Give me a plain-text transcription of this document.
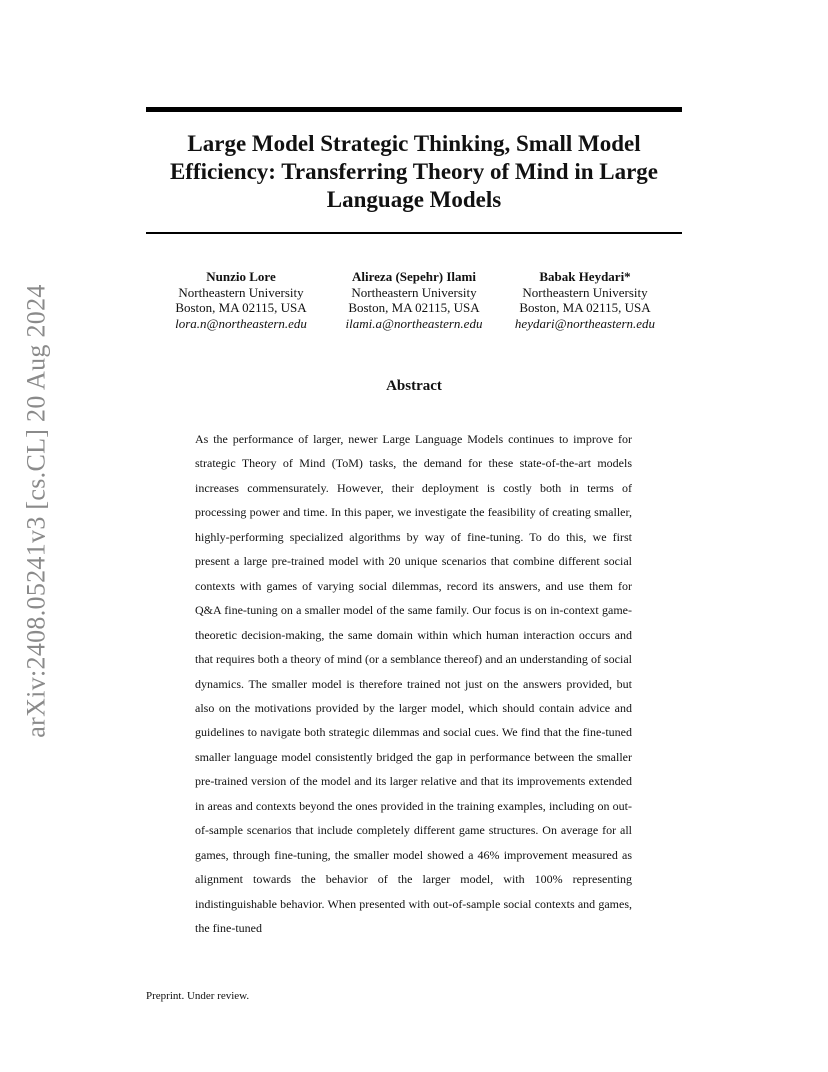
arXiv:2408.05241v3 [cs.CL] 20 Aug 2024
Large Model Strategic Thinking, Small Model Efficiency: Transferring Theory of Mind in Large Language Models
Nunzio Lore
Northeastern University
Boston, MA 02115, USA
lora.n@northeastern.edu
Alireza (Sepehr) Ilami
Northeastern University
Boston, MA 02115, USA
ilami.a@northeastern.edu
Babak Heydari*
Northeastern University
Boston, MA 02115, USA
heydari@northeastern.edu
Abstract

As the performance of larger, newer Large Language Models continues to improve for strategic Theory of Mind (ToM) tasks, the demand for these state-of-the-art models increases commensurately. However, their deployment is costly both in terms of processing power and time. In this paper, we investigate the feasibility of creating smaller, highly-performing specialized algorithms by way of fine-tuning. To do this, we first present a large pre-trained model with 20 unique scenarios that combine different social contexts with games of varying social dilemmas, record its answers, and use them for Q&A fine-tuning on a smaller model of the same family. Our focus is on in-context game-theoretic decision-making, the same domain within which human interaction occurs and that requires both a theory of mind (or a semblance thereof) and an understanding of social dynamics. The smaller model is therefore trained not just on the answers provided, but also on the motivations provided by the larger model, which should contain advice and guidelines to navigate both strategic dilemmas and social cues. We find that the fine-tuned smaller language model consistently bridged the gap in performance between the smaller pre-trained version of the model and its larger relative and that its improvements extended in areas and contexts beyond the ones provided in the training examples, including on out-of-sample scenarios that include completely different game structures. On average for all games, through fine-tuning, the smaller model showed a 46% improvement measured as alignment towards the behavior of the larger model, with 100% representing indistinguishable behavior. When presented with out-of-sample social contexts and games, the fine-tuned

Preprint. Under review.
